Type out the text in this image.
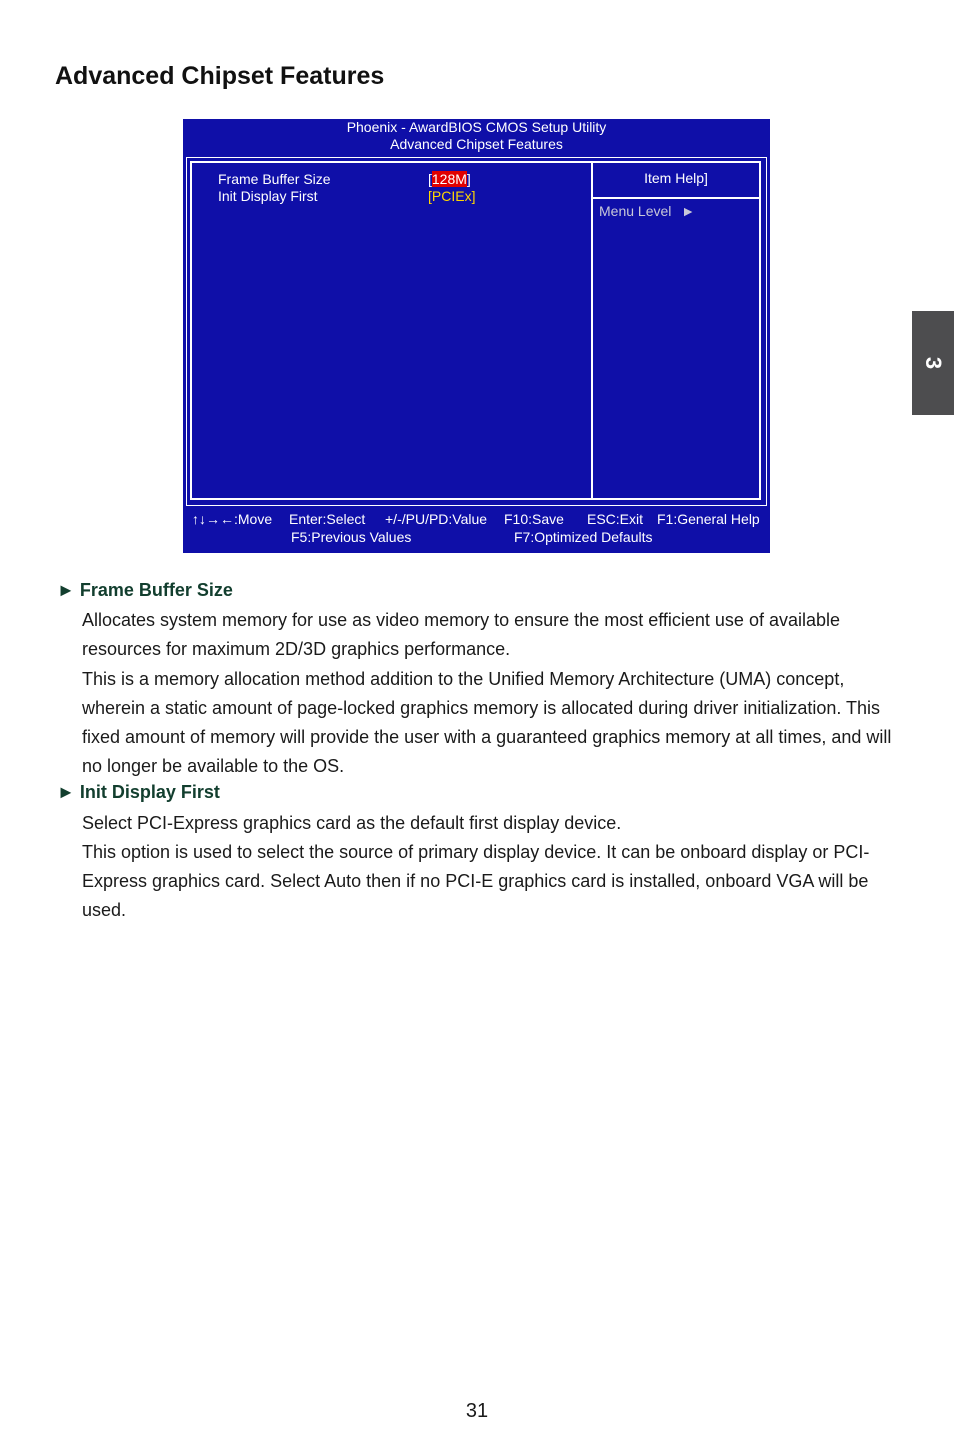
Advanced Chipset Features
3
Phoenix - AwardBIOS CMOS Setup Utility
Advanced Chipset Features
Frame Buffer Size	[128M]
Init Display First	[PCIEx]
Item Help]
Menu Level ►
↑↓→←:Move Enter:Select +/-/PU/PD:Value F10:Save ESC:Exit F1:General Help
F5:Previous Values	F7:Optimized Defaults
► Frame Buffer Size

Allocates system memory for use as video memory to ensure the most efficient use of available resources for maximum 2D/3D graphics performance.

This is a memory allocation method addition to the Unified Memory Architecture (UMA) concept, wherein a static amount of page-locked graphics memory is allocated during driver initialization. This fixed amount of memory will provide the user with a guaranteed graphics memory at all times, and will no longer be available to the OS.

► Init Display First

Select PCI-Express graphics card as the default first display device.

This option is used to select the source of primary display device. It can be onboard display or PCI-Express graphics card. Select Auto then if no PCI-E graphics card is installed, onboard VGA will be used.

31
